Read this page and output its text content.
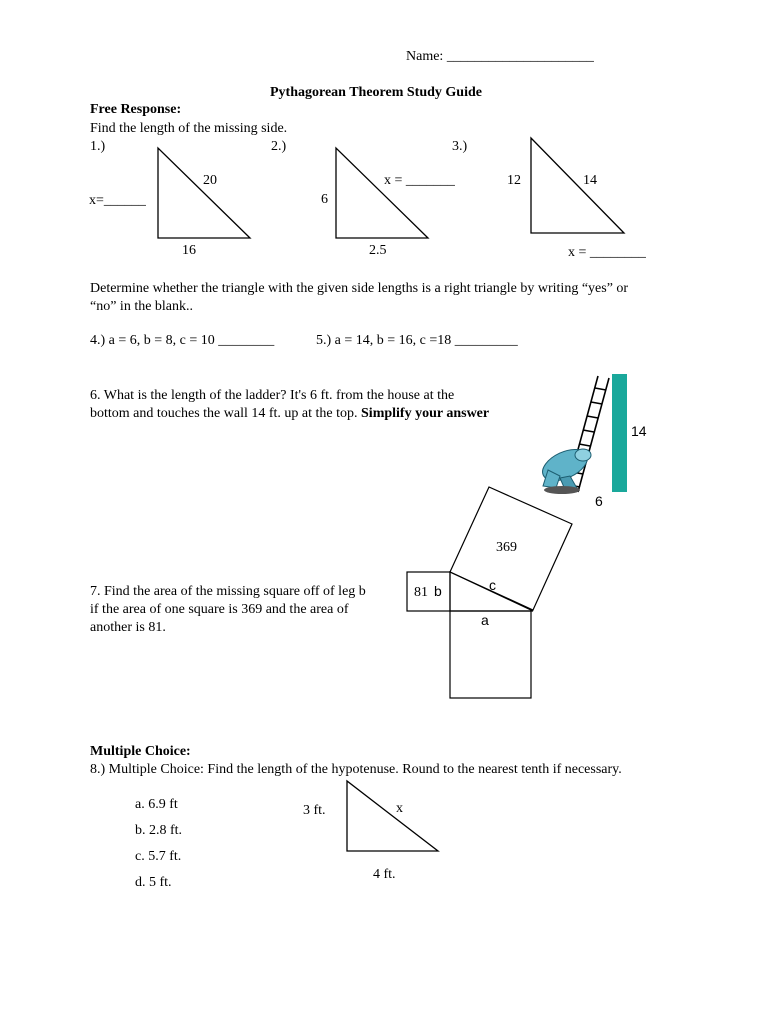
Name: _____________________
Pythagorean Theorem Study Guide
Free Response:
Find the length of the missing side.
1.)	2.)	3.)
20
x=______
16
x = _______
6
2.5
12	14
x = ________
Determine whether the triangle with the given side lengths is a right triangle by writing “yes” or
“no” in the blank..
4.) a = 6, b = 8, c = 10 ________	5.) a = 14, b = 16, c =18 _________
6. What is the length of the ladder? It's 6 ft. from the house at the
bottom and touches the wall 14 ft. up at the top. Simplify your answer
14
6
7. Find the area of the missing square off of leg b
if the area of one square is 369 and the area of
another is 81.
369
81 b	c
a
Multiple Choice:
8.) Multiple Choice: Find the length of the hypotenuse. Round to the nearest tenth if necessary.
a. 6.9 ft
b. 2.8 ft.
c. 5.7 ft.
d. 5 ft.
3 ft.	x
4 ft.
